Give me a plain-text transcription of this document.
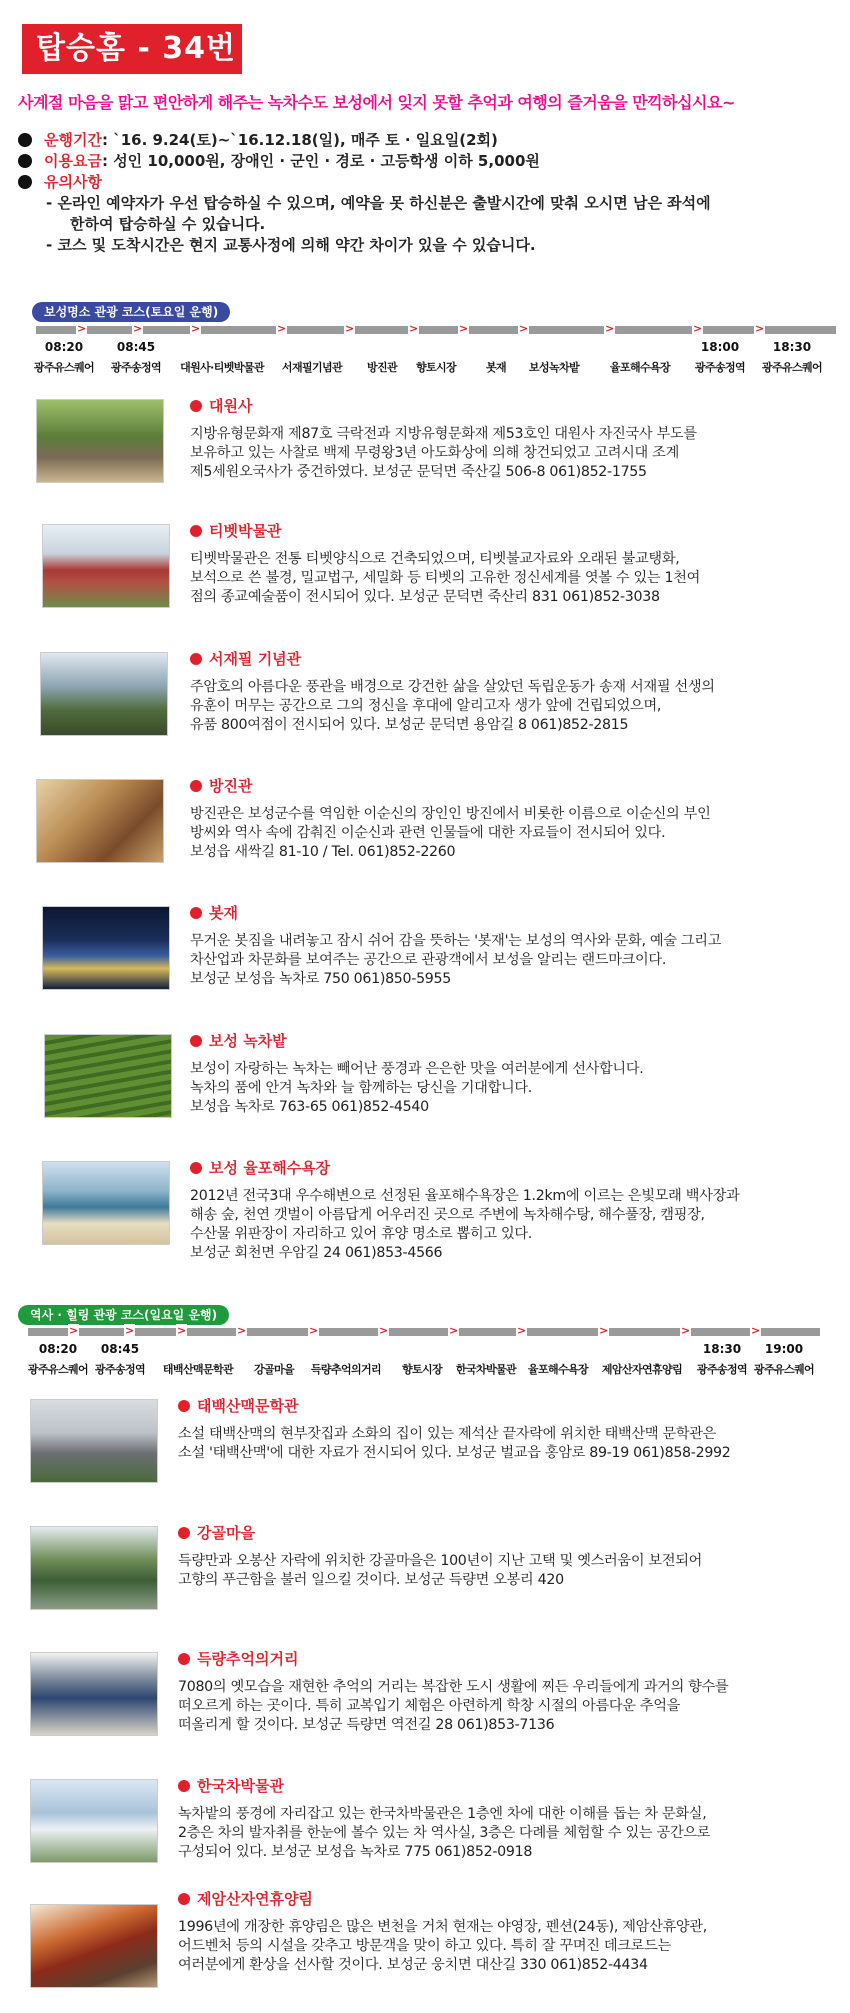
탑승홈 - 34번
사계절 마음을 맑고 편안하게 해주는 녹차수도 보성에서 잊지 못할 추억과 여행의 즐거움을 만끽하십시요~
운행기간: `16. 9.24(토)~`16.12.18(일), 매주 토 · 일요일(2회)
이용요금: 성인 10,000원, 장애인 · 군인 · 경로 · 고등학생 이하 5,000원
유의사항
- 온라인 예약자가 우선 탑승하실 수 있으며, 예약을 못 하신분은 출발시간에 맞춰 오시면 남은 좌석에
한하여 탑승하실 수 있습니다.
- 코스 및 도착시간은 현지 교통사정에 의해 약간 차이가 있을 수 있습니다.
보성명소 관광 코스(토요일 운행)
>	>	>	>	>	>	>	>	>	>	>
08:20	08:45	18:00	18:30
광주유스퀘어 광주송정역 대원사·티벳박물관 서재필기념관 방진관 향토시장	봇재 보성녹차밭	율포해수욕장 광주송정역 광주유스퀘어
대원사
지방유형문화재 제87호 극락전과 지방유형문화재 제53호인 대원사 자진국사 부도를
보유하고 있는 사찰로 백제 무령왕3년 아도화상에 의해 창건되었고 고려시대 조계
제5세원오국사가 중건하였다. 보성군 문덕면 죽산길 506-8 061)852-1755
티벳박물관
티벳박물관은 전통 티벳양식으로 건축되었으며, 티벳불교자료와 오래된 불교탱화,
보석으로 쓴 불경, 밀교법구, 세밀화 등 티벳의 고유한 정신세계를 엿볼 수 있는 1천여
점의 종교예술품이 전시되어 있다. 보성군 문덕면 죽산리 831 061)852-3038
서재필 기념관
주암호의 아름다운 풍관을 배경으로 강건한 삶을 살았던 독립운동가 송재 서재필 선생의
유훈이 머무는 공간으로 그의 정신을 후대에 알리고자 생가 앞에 건립되었으며,
유품 800여점이 전시되어 있다. 보성군 문덕면 용암길 8 061)852-2815
방진관
방진관은 보성군수를 역임한 이순신의 장인인 방진에서 비롯한 이름으로 이순신의 부인
방씨와 역사 속에 감춰진 이순신과 관련 인물들에 대한 자료들이 전시되어 있다.
보성읍 새싹길 81-10 / Tel. 061)852-2260
봇재
무거운 봇짐을 내려놓고 잠시 쉬어 감을 뜻하는 '봇재'는 보성의 역사와 문화, 예술 그리고
차산업과 차문화를 보여주는 공간으로 관광객에서 보성을 알리는 랜드마크이다.
보성군 보성읍 녹차로 750 061)850-5955
보성 녹차밭
보성이 자랑하는 녹차는 빼어난 풍경과 은은한 맛을 여러분에게 선사합니다.
녹차의 품에 안겨 녹차와 늘 함께하는 당신을 기대합니다.
보성읍 녹차로 763-65 061)852-4540
보성 율포해수욕장
2012년 전국3대 우수해변으로 선정된 율포해수욕장은 1.2km에 이르는 은빛모래 백사장과
해송 숲, 천연 갯벌이 아름답게 어우러진 곳으로 주변에 녹차해수탕, 해수풀장, 캠핑장,
수산물 위판장이 자리하고 있어 휴양 명소로 뽑히고 있다.
보성군 회천면 우암길 24 061)853-4566
역사 · 힐링 관광 코스(일요일 운행)
>	>	>	>	>	>	>	>	>	>	>
08:20 08:45	18:30 19:00
광주유스퀘어 광주송정역 태백산맥문학관 강골마을 득량추억의거리 향토시장 한국차박물관 율포해수욕장 제암산자연휴양림 광주송정역 광주유스퀘어
태백산맥문학관
소설 태백산맥의 현부잣집과 소화의 집이 있는 제석산 끝자락에 위치한 태백산맥 문학관은
소설 '태백산맥'에 대한 자료가 전시되어 있다. 보성군 벌교읍 홍암로 89-19 061)858-2992
강골마을
득량만과 오봉산 자락에 위치한 강골마을은 100년이 지난 고택 및 옛스러움이 보전되어
고향의 푸근함을 불러 일으킬 것이다. 보성군 득량면 오봉리 420
득량추억의거리
7080의 옛모습을 재현한 추억의 거리는 복잡한 도시 생활에 찌든 우리들에게 과거의 향수를
떠오르게 하는 곳이다. 특히 교복입기 체험은 아련하게 학창 시절의 아름다운 추억을
떠올리게 할 것이다. 보성군 득량면 역전길 28 061)853-7136
한국차박물관
녹차밭의 풍경에 자리잡고 있는 한국차박물관은 1층엔 차에 대한 이해를 돕는 차 문화실,
2층은 차의 발자취를 한눈에 볼수 있는 차 역사실, 3층은 다례를 체험할 수 있는 공간으로
구성되어 있다. 보성군 보성읍 녹차로 775 061)852-0918
제암산자연휴양림
1996년에 개장한 휴양림은 많은 변천을 거처 현재는 야영장, 펜션(24동), 제암산휴양관,
어드벤처 등의 시설을 갖추고 방문객을 맞이 하고 있다. 특히 잘 꾸며진 데크로드는
여러분에게 환상을 선사할 것이다. 보성군 웅치면 대산길 330 061)852-4434
